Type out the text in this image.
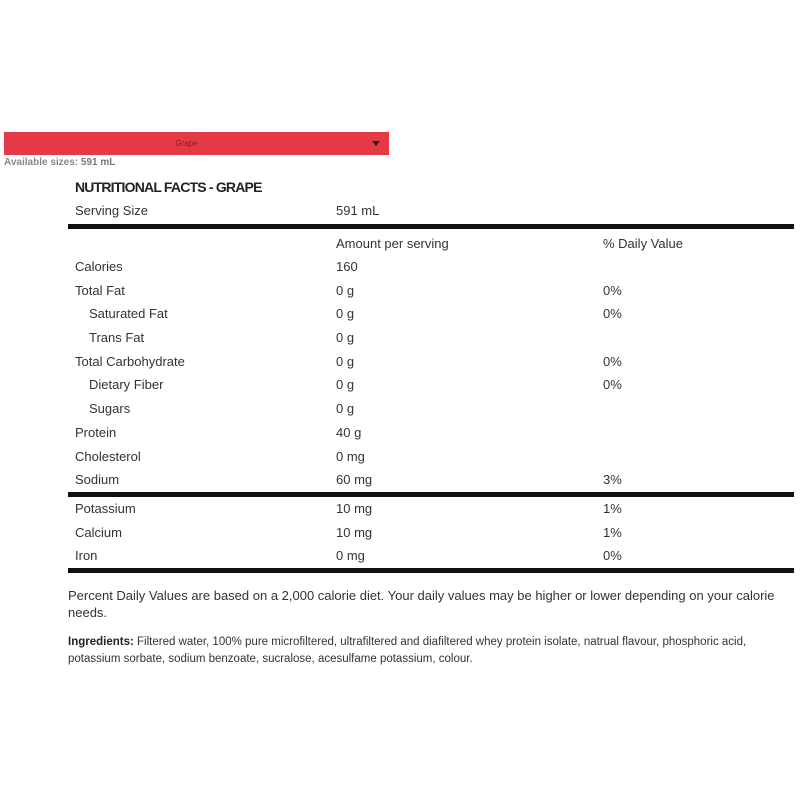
Grape
Available sizes: 591 mL
NUTRITIONAL FACTS - GRAPE
Serving Size	591 mL
Amount per serving	% Daily Value
Calories	160
Total Fat	0 g	0%
Saturated Fat	0 g	0%
Trans Fat	0 g
Total Carbohydrate	0 g	0%
Dietary Fiber	0 g	0%
Sugars	0 g
Protein	40 g
Cholesterol	0 mg
Sodium	60 mg	3%
Potassium	10 mg	1%
Calcium	10 mg	1%
Iron	0 mg	0%
Percent Daily Values are based on a 2,000 calorie diet. Your daily values may be higher or lower depending on your calorie needs.
Ingredients: Filtered water, 100% pure microfiltered, ultrafiltered and diafiltered whey protein isolate, natrual flavour, phosphoric acid, potassium sorbate, sodium benzoate, sucralose, acesulfame potassium, colour.
